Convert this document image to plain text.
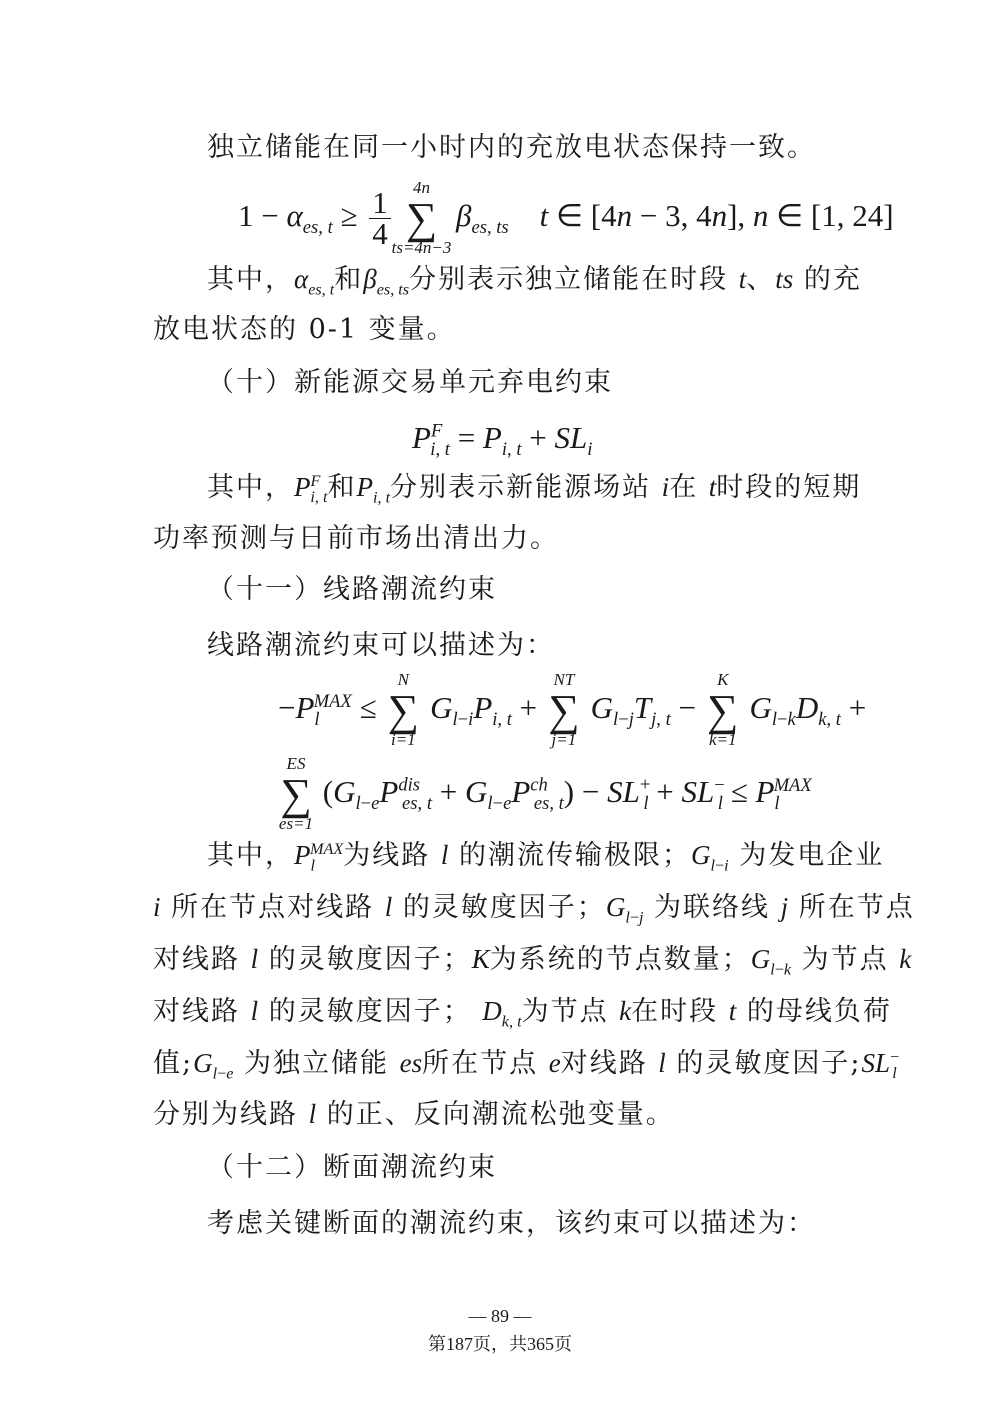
独立储能在同一小时内的充放电状态保持一致。
$1 - \alpha_{es, t} \ge \frac{1}{4}$

4n
∑
ts=4n−3
$\beta_{es, ts}$ t ∈ [4n − 3, 4n], n ∈ [1, 24]
其中，$\alpha_{es, t}$和$\beta_{es, ts}$分别表示独立储能在时段 t、ts 的充
放电状态的 0-1 变量。
（十）新能源交易单元弃电约束
$P^F_{i, t} = P_{i, t} + SL_i$
其中，$P^F_{i, t}$和$P_{i, t}$分别表示新能源场站 i在 t时段的短期
功率预测与日前市场出清出力。
（十一）线路潮流约束
线路潮流约束可以描述为：
$-P_l^{MAX}$ ≤
N
∑
i=1
$G_{l-i}P_{i, t}$ +
NT
∑
j=1
$G_{l-j}T_{j, t}$ −
K
∑
k=1
$G_{l-k}D_{k, t}$ +
ES
∑
es=1
$(G_{l-e}P^{dis}_{es, t} + G_{l-e}P^{ch}_{es, t}) - SL^+_l + SL^-_l \le P_l^{MAX}$
其中，$P_l^{MAX}$为线路 l 的潮流传输极限；$G_{l-i}$ 为发电企业
i 所在节点对线路 l 的灵敏度因子；$G_{l-j}$ 为联络线 j 所在节点
对线路 l 的灵敏度因子；K为系统的节点数量；$G_{l-k}$ 为节点 k
对线路 l 的灵敏度因子； $D_{k, t}$为节点 k在时段 t 的母线负荷
值$;G_{l-e}$ 为独立储能 es所在节点 e对线路 l 的灵敏度因子$;SL^-_l$
分别为线路 l 的正、反向潮流松弛变量。
（十二）断面潮流约束
考虑关键断面的潮流约束，该约束可以描述为：
— 89 —
第187页，共365页
